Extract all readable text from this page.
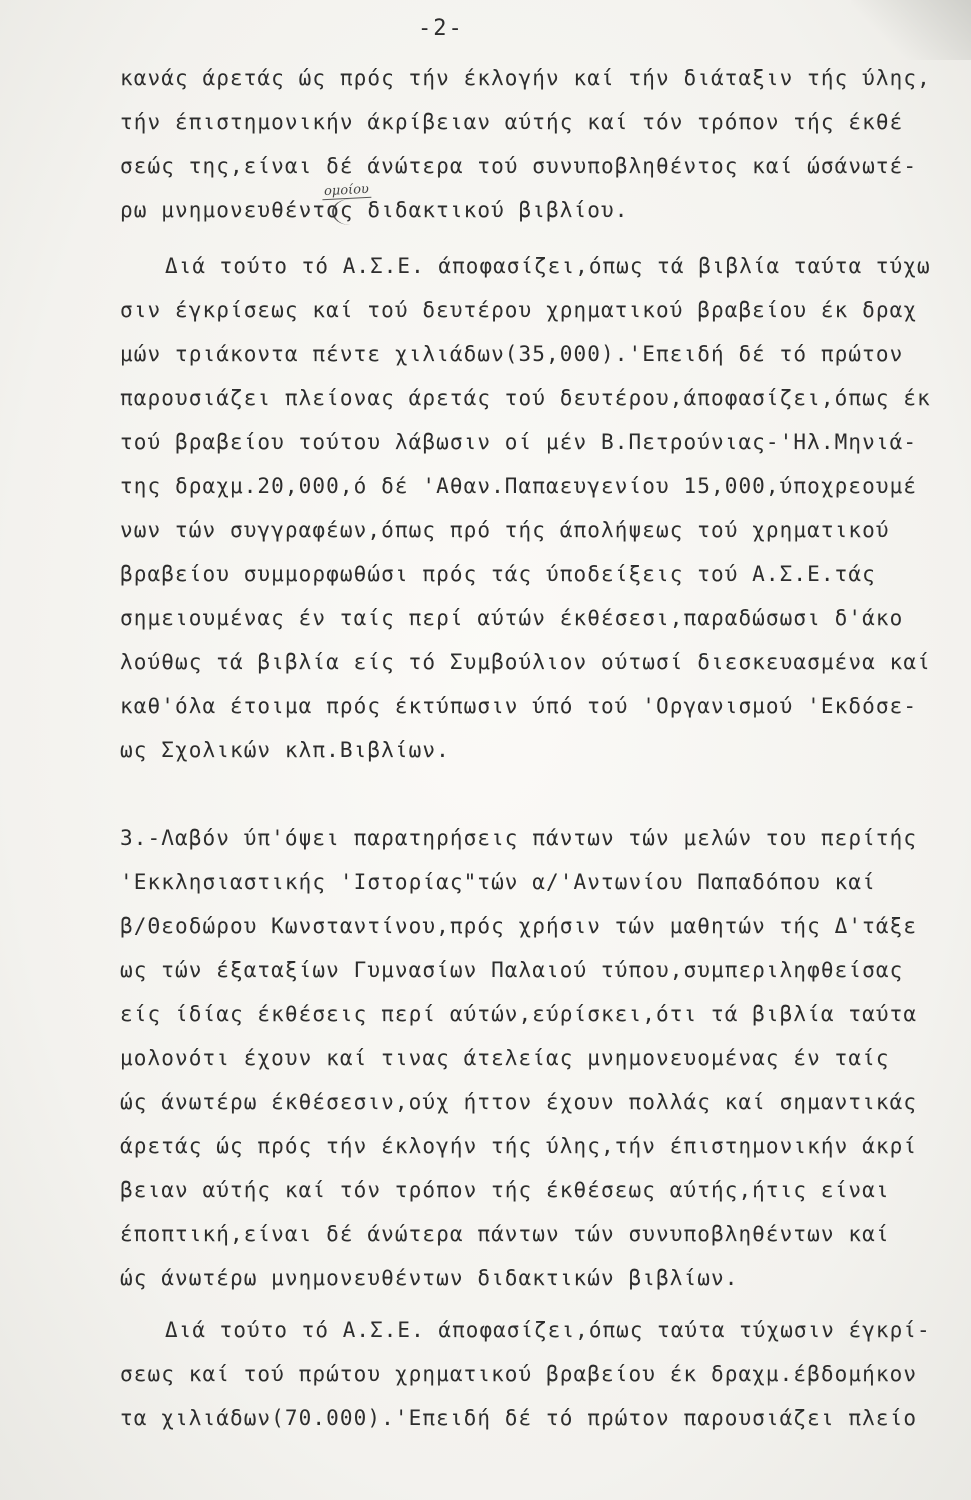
-2-
ομοίου
κανάς άρετάς ώς πρός τήν έκλογήν καί τήν διάταξιν τής ύλης,
τήν έπιστημονικήν άκρίβειαν αύτής καί τόν τρόπον τής έκθέ
σεώς της,είναι δέ άνώτερα τού συνυποβληθέντος καί ώσάνωτέ-
ρω μνημονευθέντος διδακτικού βιβλίου.
Διά τούτο τό Α.Σ.Ε. άποφασίζει,όπως τά βιβλία ταύτα τύχω
σιν έγκρίσεως καί τού δευτέρου χρηματικού βραβείου έκ δραχ
μών τριάκοντα πέντε χιλιάδων(35,000).'Επειδή δέ τό πρώτον
παρουσιάζει πλείονας άρετάς τού δευτέρου,άποφασίζει,όπως έκ
τού βραβείου τούτου λάβωσιν οί μέν Β.Πετρούνιας-'Ηλ.Μηνιά-
της δραχμ.20,000,ό δέ 'Αθαν.Παπαευγενίου 15,000,ύποχρεουμέ
νων τών συγγραφέων,όπως πρό τής άπολήψεως τού χρηματικού
βραβείου συμμορφωθώσι πρός τάς ύποδείξεις τού Α.Σ.Ε.τάς
σημειουμένας έν ταίς περί αύτών έκθέσεσι,παραδώσωσι δ'άκο
λούθως τά βιβλία είς τό Συμβούλιον ούτωσί διεσκευασμένα καί
καθ'όλα έτοιμα πρός έκτύπωσιν ύπό τού 'Οργανισμού 'Εκδόσε-
ως Σχολικών κλπ.Βιβλίων.
3.-Λαβόν ύπ'όψει παρατηρήσεις πάντων τών μελών του περίτής
'Εκκλησιαστικής 'Ιστορίας"τών α/'Αντωνίου Παπαδόπου καί
β/Θεοδώρου Κωνσταντίνου,πρός χρήσιν τών μαθητών τής Δ'τάξε
ως τών έξαταξίων Γυμνασίων Παλαιού τύπου,συμπεριληφθείσας
είς ίδίας έκθέσεις περί αύτών,εύρίσκει,ότι τά βιβλία ταύτα
μολονότι έχουν καί τινας άτελείας μνημονευομένας έν ταίς
ώς άνωτέρω έκθέσεσιν,ούχ ήττον έχουν πολλάς καί σημαντικάς
άρετάς ώς πρός τήν έκλογήν τής ύλης,τήν έπιστημονικήν άκρί
βειαν αύτής καί τόν τρόπον τής έκθέσεως αύτής,ήτις είναι
έποπτική,είναι δέ άνώτερα πάντων τών συνυποβληθέντων καί
ώς άνωτέρω μνημονευθέντων διδακτικών βιβλίων.
Διά τούτο τό Α.Σ.Ε. άποφασίζει,όπως ταύτα τύχωσιν έγκρί-
σεως καί τού πρώτου χρηματικού βραβείου έκ δραχμ.έβδομήκον
τα χιλιάδων(70.000).'Επειδή δέ τό πρώτον παρουσιάζει πλείο
